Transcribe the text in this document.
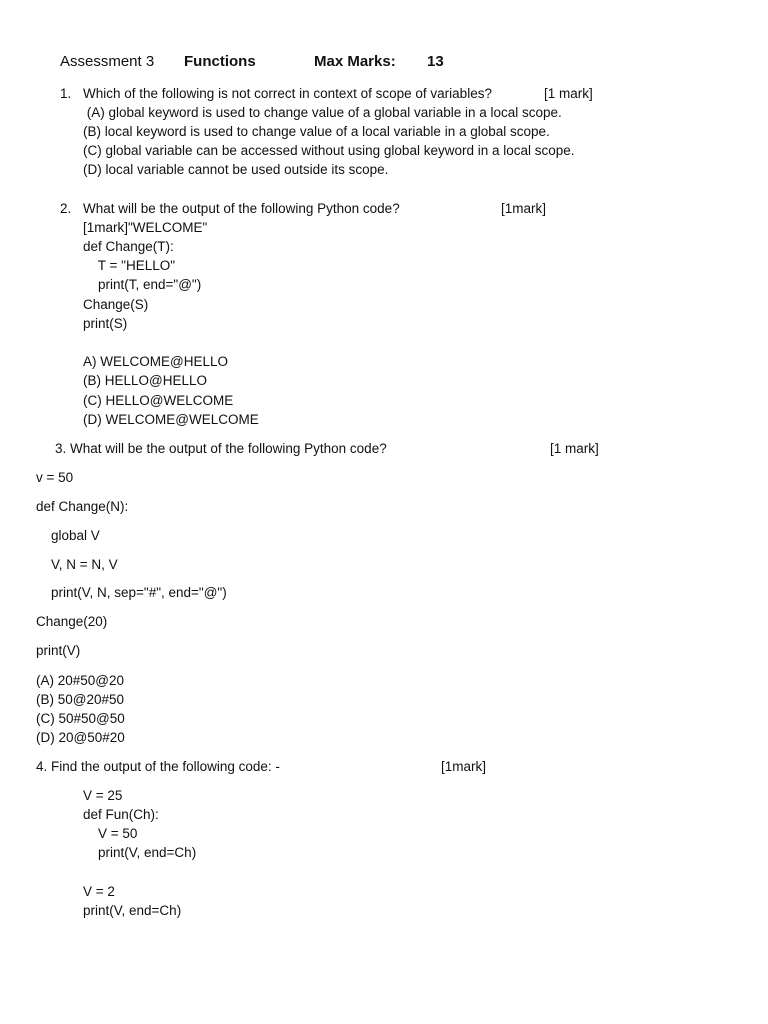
Assessment 3 Functions	Max Marks: 13
1. Which of the following is not correct in context of scope of variables?	[1 mark]
(A) global keyword is used to change value of a global variable in a local scope.
(B) local keyword is used to change value of a local variable in a global scope.
(C) global variable can be accessed without using global keyword in a local scope.
(D) local variable cannot be used outside its scope.
2. What will be the output of the following Python code?	[1mark]
[1mark]"WELCOME"
def Change(T):
T = "HELLO"
print(T, end="@")
Change(S)
print(S)
A) WELCOME@HELLO
(B) HELLO@HELLO
(C) HELLO@WELCOME
(D) WELCOME@WELCOME
3. What will be the output of the following Python code?	[1 mark]
v = 50
def Change(N):
global V
V, N = N, V
print(V, N, sep="#", end="@")
Change(20)
print(V)
(A) 20#50@20
(B) 50@20#50
(C) 50#50@50
(D) 20@50#20
4. Find the output of the following code: -	[1mark]
V = 25
def Fun(Ch):
V = 50
print(V, end=Ch)
V = 2
print(V, end=Ch)
